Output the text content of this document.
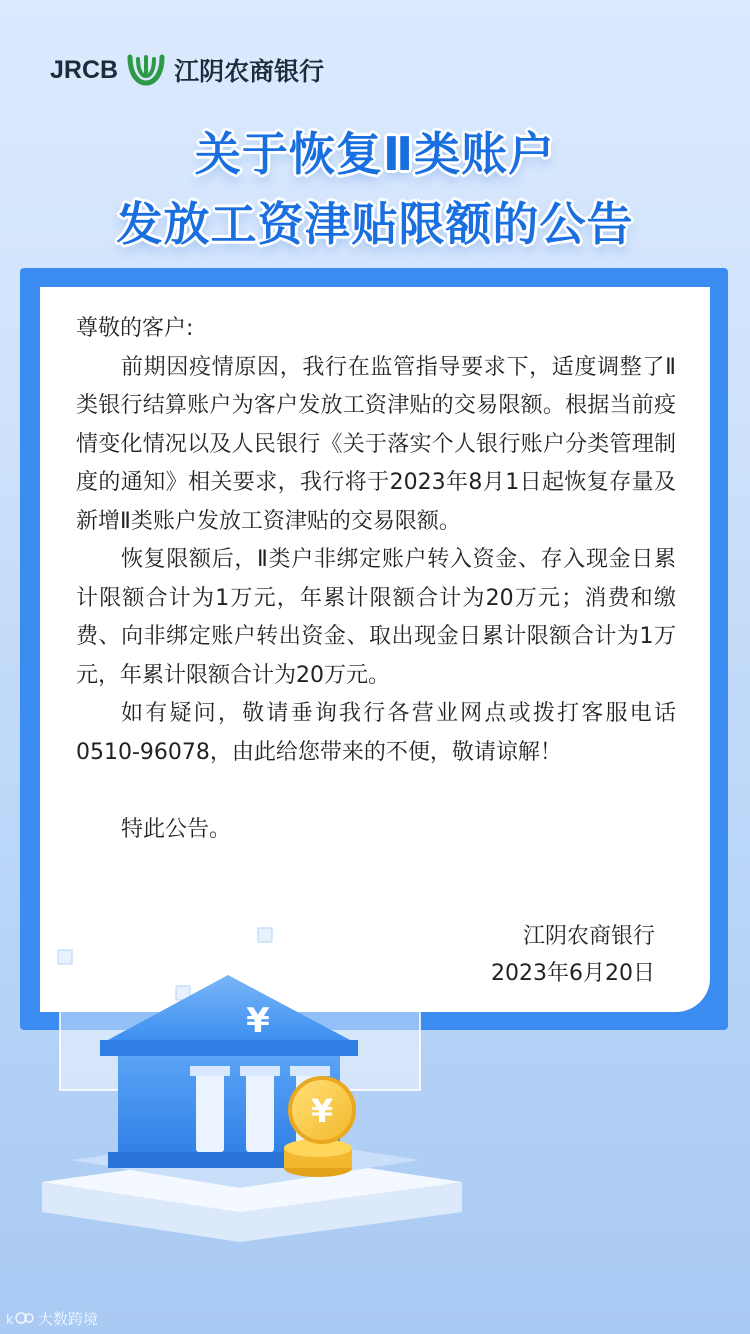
JRCB 江阴农商银行
关于恢复Ⅱ类账户
发放工资津贴限额的公告

尊敬的客户:

前期因疫情原因，我行在监管指导要求下，适度调整了Ⅱ类银行结算账户为客户发放工资津贴的交易限额。根据当前疫情变化情况以及人民银行《关于落实个人银行账户分类管理制度的通知》相关要求，我行将于2023年8月1日起恢复存量及新增Ⅱ类账户发放工资津贴的交易限额。

恢复限额后，Ⅱ类户非绑定账户转入资金、存入现金日累计限额合计为1万元，年累计限额合计为20万元；消费和缴费、向非绑定账户转出资金、取出现金日累计限额合计为1万元，年累计限额合计为20万元。

如有疑问，敬请垂询我行各营业网点或拨打客服电话0510-96078，由此给您带来的不便，敬请谅解！

特此公告。

江阴农商银行
2023年6月20日
¥
¥
k 大数跨境
